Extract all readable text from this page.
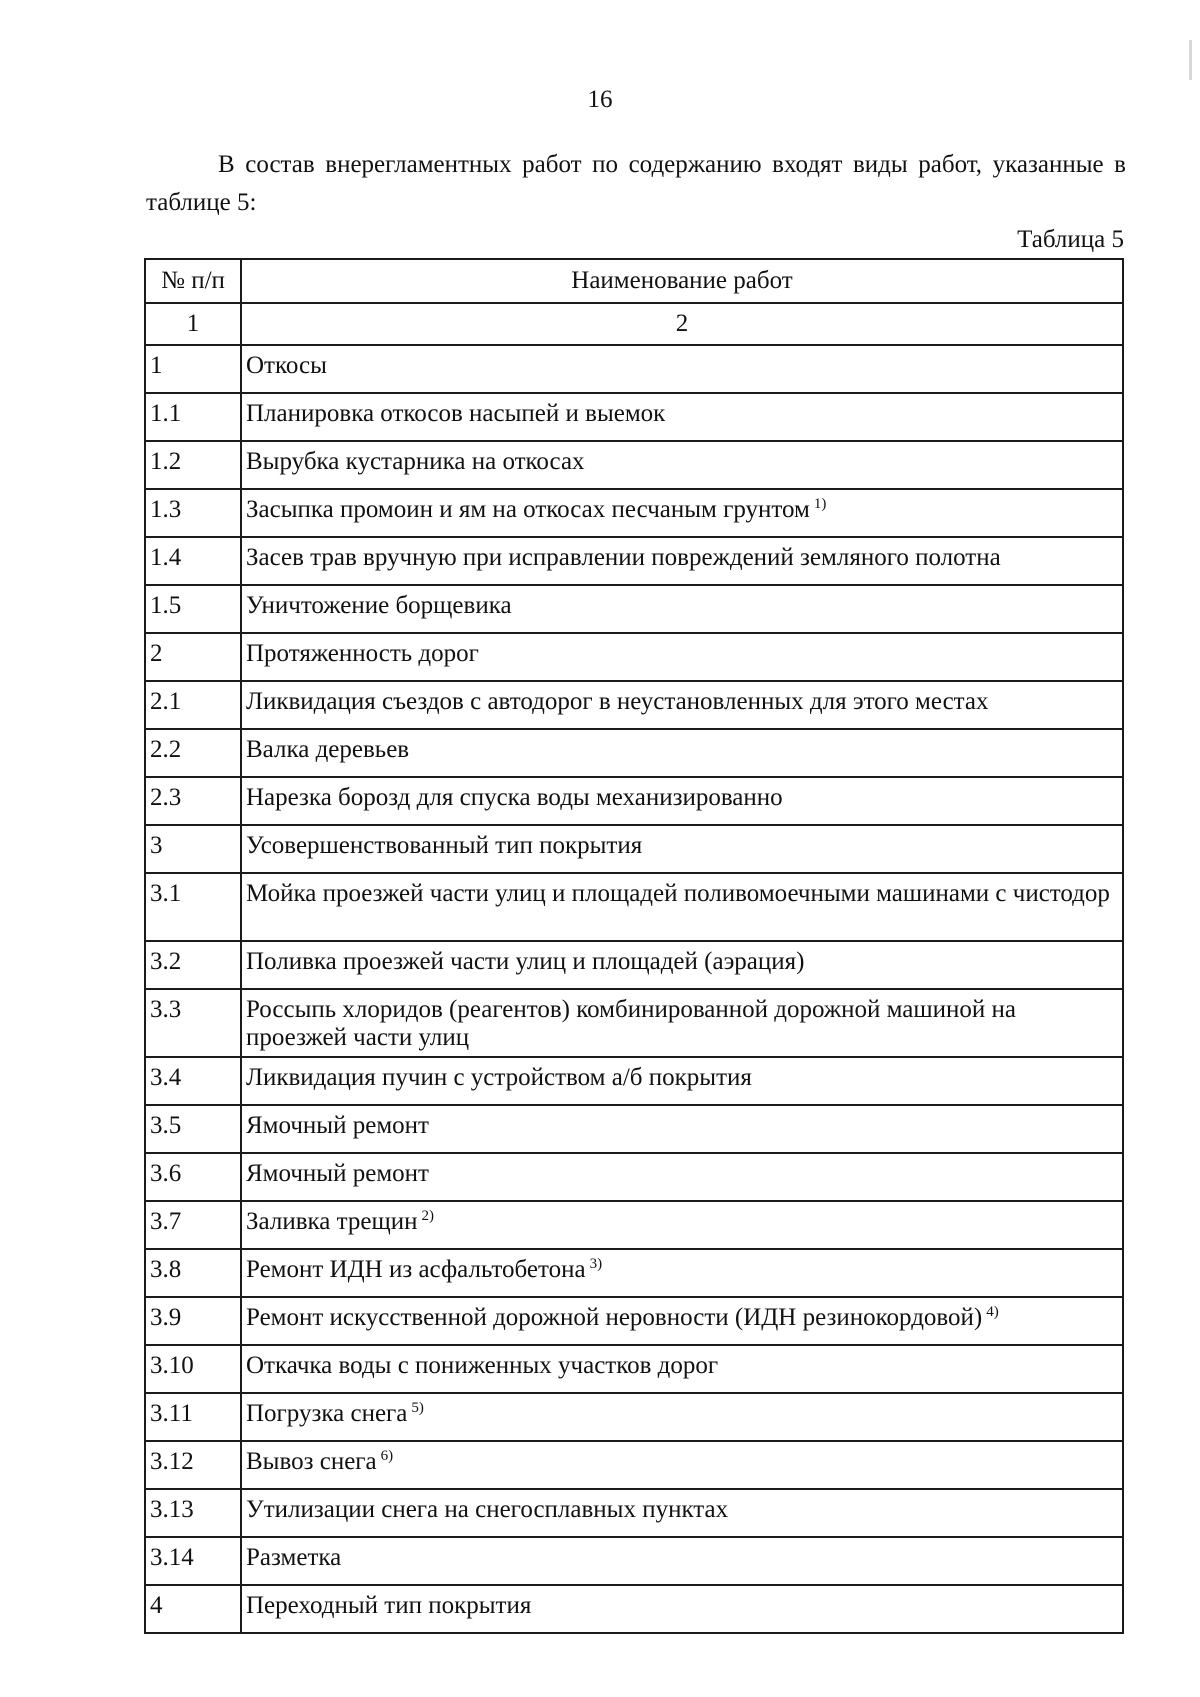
16
В состав внерегламентных работ по содержанию входят виды работ, указанные в таблице 5:
Таблица 5
№ п/п	Наименование работ
1	2
1	Откосы
1.1	Планировка откосов насыпей и выемок
1.2	Вырубка кустарника на откосах
1.3	Засыпка промоин и ям на откосах песчаным грунтом $^{1)}$
1.4	Засев трав вручную при исправлении повреждений земляного полотна
1.5	Уничтожение борщевика
2	Протяженность дорог
2.1	Ликвидация съездов с автодорог в неустановленных для этого местах
2.2	Валка деревьев
2.3	Нарезка борозд для спуска воды механизированно
3	Усовершенствованный тип покрытия
3.1	Мойка проезжей части улиц и площадей поливомоечными машинами с чистодор
3.2	Поливка проезжей части улиц и площадей (аэрация)
3.3	Россыпь хлоридов (реагентов) комбинированной дорожной машиной на проезжей части улиц
3.4	Ликвидация пучин с устройством а/б покрытия
3.5	Ямочный ремонт
3.6	Ямочный ремонт
3.7	Заливка трещин $^{2)}$
3.8	Ремонт ИДН из асфальтобетона $^{3)}$
3.9	Ремонт искусственной дорожной неровности (ИДН резинокордовой) $^{4)}$
3.10	Откачка воды с пониженных участков дорог
3.11	Погрузка снега $^{5)}$
3.12	Вывоз снега $^{6)}$
3.13	Утилизации снега на снегосплавных пунктах
3.14	Разметка
4	Переходный тип покрытия
